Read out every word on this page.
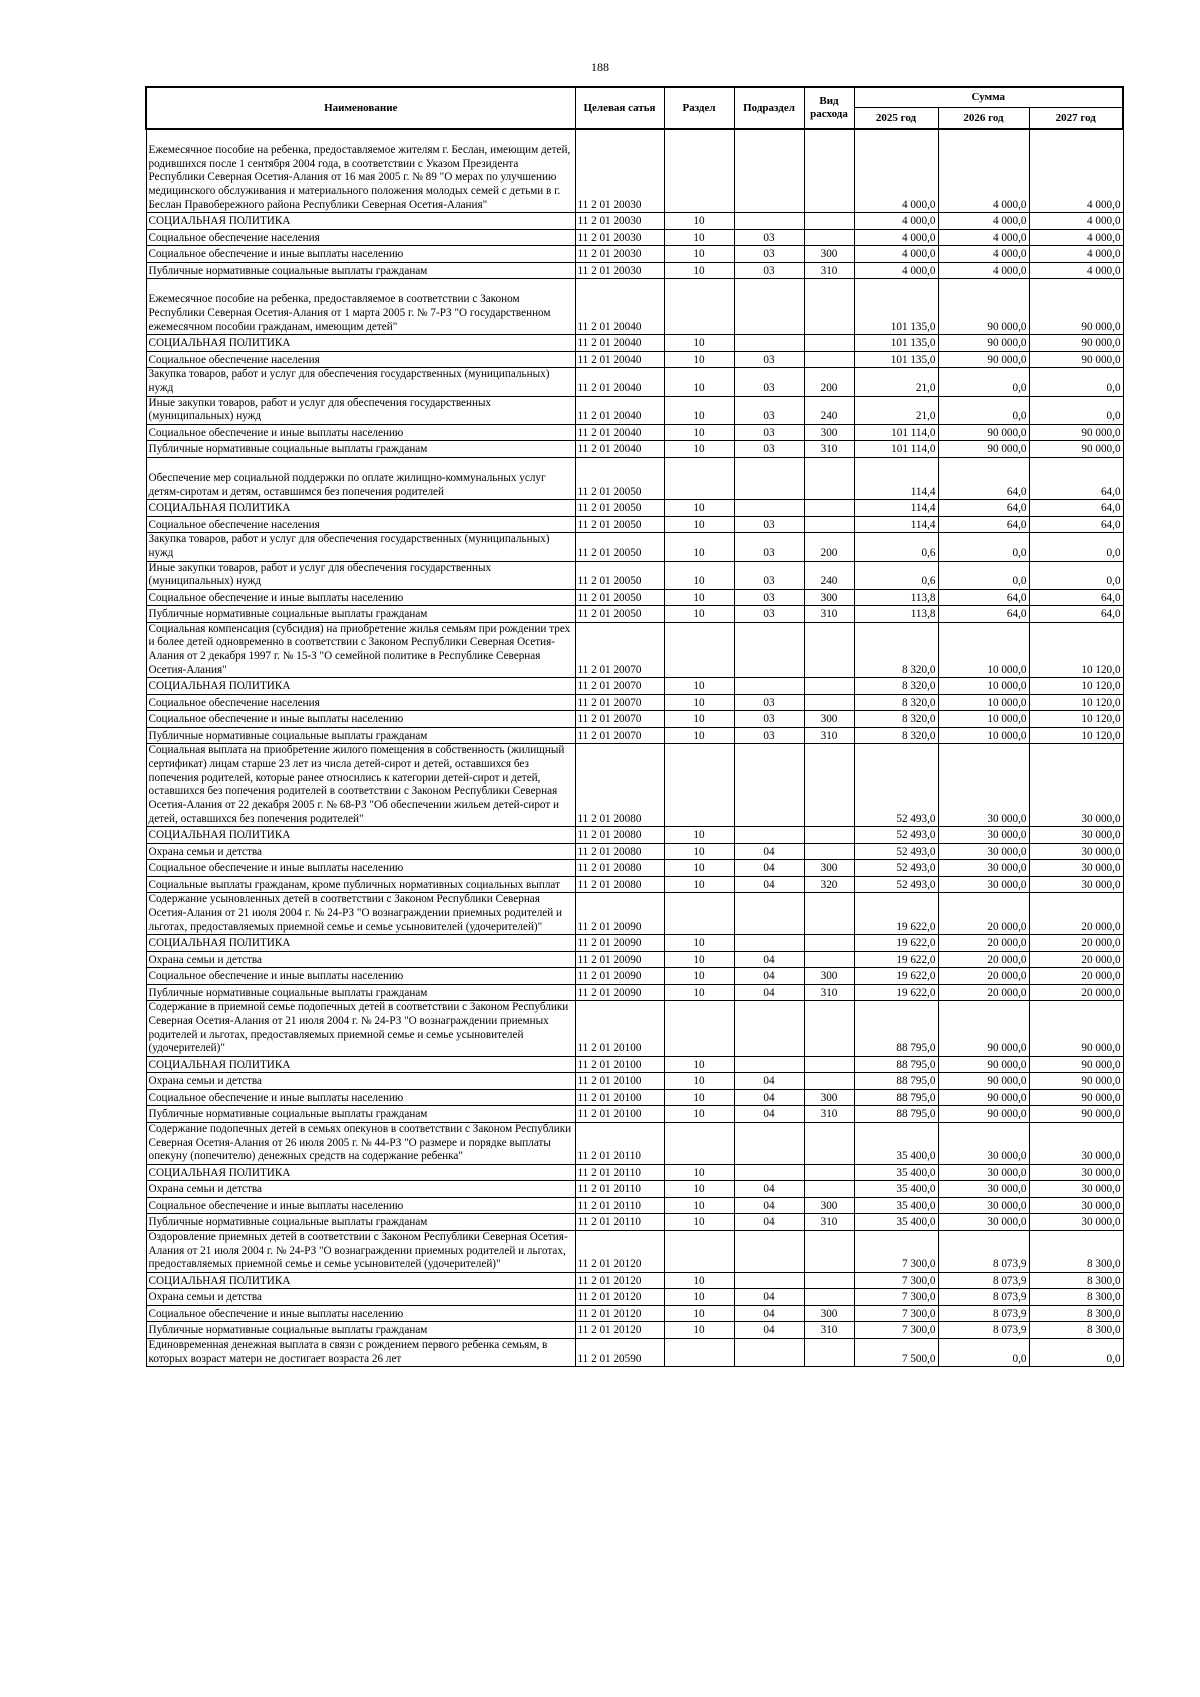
188
Наименование	Целевая сатья	Раздел	Подраздел	Вид расхода	Сумма		
					2025 год	2026 год	2027 год
Ежемесячное пособие на ребенка, предоставляемое жителям г. Беслан, имеющим детей, родившихся после 1 сентября 2004 года, в соответствии с Указом Президента Республики Северная Осетия-Алания от 16 мая 2005 г. № 89 "О мерах по улучшению медицинского обслуживания и материального положения молодых семей с детьми в г. Беслан Правобережного района Республики Северная Осетия-Алания"	11 2 01 20030				4 000,0	4 000,0	4 000,0
СОЦИАЛЬНАЯ ПОЛИТИКА	11 2 01 20030	10			4 000,0	4 000,0	4 000,0
Социальное обеспечение населения	11 2 01 20030	10	03		4 000,0	4 000,0	4 000,0
Социальное обеспечение и иные выплаты населению	11 2 01 20030	10	03	300	4 000,0	4 000,0	4 000,0
Публичные нормативные социальные выплаты гражданам	11 2 01 20030	10	03	310	4 000,0	4 000,0	4 000,0
Ежемесячное пособие на ребенка, предоставляемое в соответствии с Законом Республики Северная Осетия-Алания от 1 марта 2005 г. № 7-РЗ "О государственном ежемесячном пособии гражданам, имеющим детей"	11 2 01 20040				101 135,0	90 000,0	90 000,0
СОЦИАЛЬНАЯ ПОЛИТИКА	11 2 01 20040	10			101 135,0	90 000,0	90 000,0
Социальное обеспечение населения	11 2 01 20040	10	03		101 135,0	90 000,0	90 000,0
Закупка товаров, работ и услуг для обеспечения государственных (муниципальных) нужд	11 2 01 20040	10	03	200	21,0	0,0	0,0
Иные закупки товаров, работ и услуг для обеспечения государственных (муниципальных) нужд	11 2 01 20040	10	03	240	21,0	0,0	0,0
Социальное обеспечение и иные выплаты населению	11 2 01 20040	10	03	300	101 114,0	90 000,0	90 000,0
Публичные нормативные социальные выплаты гражданам	11 2 01 20040	10	03	310	101 114,0	90 000,0	90 000,0
Обеспечение мер социальной поддержки по оплате жилищно-коммунальных услуг детям-сиротам и детям, оставшимся без попечения родителей	11 2 01 20050				114,4	64,0	64,0
СОЦИАЛЬНАЯ ПОЛИТИКА	11 2 01 20050	10			114,4	64,0	64,0
Социальное обеспечение населения	11 2 01 20050	10	03		114,4	64,0	64,0
Закупка товаров, работ и услуг для обеспечения государственных (муниципальных) нужд	11 2 01 20050	10	03	200	0,6	0,0	0,0
Иные закупки товаров, работ и услуг для обеспечения государственных (муниципальных) нужд	11 2 01 20050	10	03	240	0,6	0,0	0,0
Социальное обеспечение и иные выплаты населению	11 2 01 20050	10	03	300	113,8	64,0	64,0
Публичные нормативные социальные выплаты гражданам	11 2 01 20050	10	03	310	113,8	64,0	64,0
Социальная компенсация (субсидия) на приобретение жилья семьям при рождении трех и более детей одновременно в соответствии с Законом Республики Северная Осетия-Алания от 2 декабря 1997 г. № 15-З "О семейной политике в Республике Северная Осетия-Алания"	11 2 01 20070				8 320,0	10 000,0	10 120,0
СОЦИАЛЬНАЯ ПОЛИТИКА	11 2 01 20070	10			8 320,0	10 000,0	10 120,0
Социальное обеспечение населения	11 2 01 20070	10	03		8 320,0	10 000,0	10 120,0
Социальное обеспечение и иные выплаты населению	11 2 01 20070	10	03	300	8 320,0	10 000,0	10 120,0
Публичные нормативные социальные выплаты гражданам	11 2 01 20070	10	03	310	8 320,0	10 000,0	10 120,0
Социальная выплата на приобретение жилого помещения в собственность (жилищный сертификат) лицам старше 23 лет из числа детей-сирот и детей, оставшихся без попечения родителей, которые ранее относились к категории детей-сирот и детей, оставшихся без попечения родителей в соответствии с Законом Республики Северная Осетия-Алания от 22 декабря 2005 г. № 68-РЗ "Об обеспечении жильем детей-сирот и детей, оставшихся без попечения родителей"	11 2 01 20080				52 493,0	30 000,0	30 000,0
СОЦИАЛЬНАЯ ПОЛИТИКА	11 2 01 20080	10			52 493,0	30 000,0	30 000,0
Охрана семьи и детства	11 2 01 20080	10	04		52 493,0	30 000,0	30 000,0
Социальное обеспечение и иные выплаты населению	11 2 01 20080	10	04	300	52 493,0	30 000,0	30 000,0
Социальные выплаты гражданам, кроме публичных нормативных социальных выплат	11 2 01 20080	10	04	320	52 493,0	30 000,0	30 000,0
Содержание усыновленных детей в соответствии с Законом Республики Северная Осетия-Алания от 21 июля 2004 г. № 24-РЗ "О вознаграждении приемных родителей и льготах, предоставляемых приемной семье и семье усыновителей (удочерителей)"	11 2 01 20090				19 622,0	20 000,0	20 000,0
СОЦИАЛЬНАЯ ПОЛИТИКА	11 2 01 20090	10			19 622,0	20 000,0	20 000,0
Охрана семьи и детства	11 2 01 20090	10	04		19 622,0	20 000,0	20 000,0
Социальное обеспечение и иные выплаты населению	11 2 01 20090	10	04	300	19 622,0	20 000,0	20 000,0
Публичные нормативные социальные выплаты гражданам	11 2 01 20090	10	04	310	19 622,0	20 000,0	20 000,0
Содержание в приемной семье подопечных детей в соответствии с Законом Республики Северная Осетия-Алания от 21 июля 2004 г. № 24-РЗ "О вознаграждении приемных родителей и льготах, предоставляемых приемной семье и семье усыновителей (удочерителей)"	11 2 01 20100				88 795,0	90 000,0	90 000,0
СОЦИАЛЬНАЯ ПОЛИТИКА	11 2 01 20100	10			88 795,0	90 000,0	90 000,0
Охрана семьи и детства	11 2 01 20100	10	04		88 795,0	90 000,0	90 000,0
Социальное обеспечение и иные выплаты населению	11 2 01 20100	10	04	300	88 795,0	90 000,0	90 000,0
Публичные нормативные социальные выплаты гражданам	11 2 01 20100	10	04	310	88 795,0	90 000,0	90 000,0
Содержание подопечных детей в семьях опекунов в соответствии с Законом Республики Северная Осетия-Алания от 26 июля 2005 г. № 44-РЗ "О размере и порядке выплаты опекуну (попечителю) денежных средств на содержание ребенка"	11 2 01 20110				35 400,0	30 000,0	30 000,0
СОЦИАЛЬНАЯ ПОЛИТИКА	11 2 01 20110	10			35 400,0	30 000,0	30 000,0
Охрана семьи и детства	11 2 01 20110	10	04		35 400,0	30 000,0	30 000,0
Социальное обеспечение и иные выплаты населению	11 2 01 20110	10	04	300	35 400,0	30 000,0	30 000,0
Публичные нормативные социальные выплаты гражданам	11 2 01 20110	10	04	310	35 400,0	30 000,0	30 000,0
Оздоровление приемных детей в соответствии с Законом Республики Северная Осетия-Алания от 21 июля 2004 г. № 24-РЗ "О вознаграждении приемных родителей и льготах, предоставляемых приемной семье и семье усыновителей (удочерителей)"	11 2 01 20120				7 300,0	8 073,9	8 300,0
СОЦИАЛЬНАЯ ПОЛИТИКА	11 2 01 20120	10			7 300,0	8 073,9	8 300,0
Охрана семьи и детства	11 2 01 20120	10	04		7 300,0	8 073,9	8 300,0
Социальное обеспечение и иные выплаты населению	11 2 01 20120	10	04	300	7 300,0	8 073,9	8 300,0
Публичные нормативные социальные выплаты гражданам	11 2 01 20120	10	04	310	7 300,0	8 073,9	8 300,0
Единовременная денежная выплата в связи с рождением первого ребенка семьям, в которых возраст матери не достигает возраста 26 лет	11 2 01 20590				7 500,0	0,0	0,0
